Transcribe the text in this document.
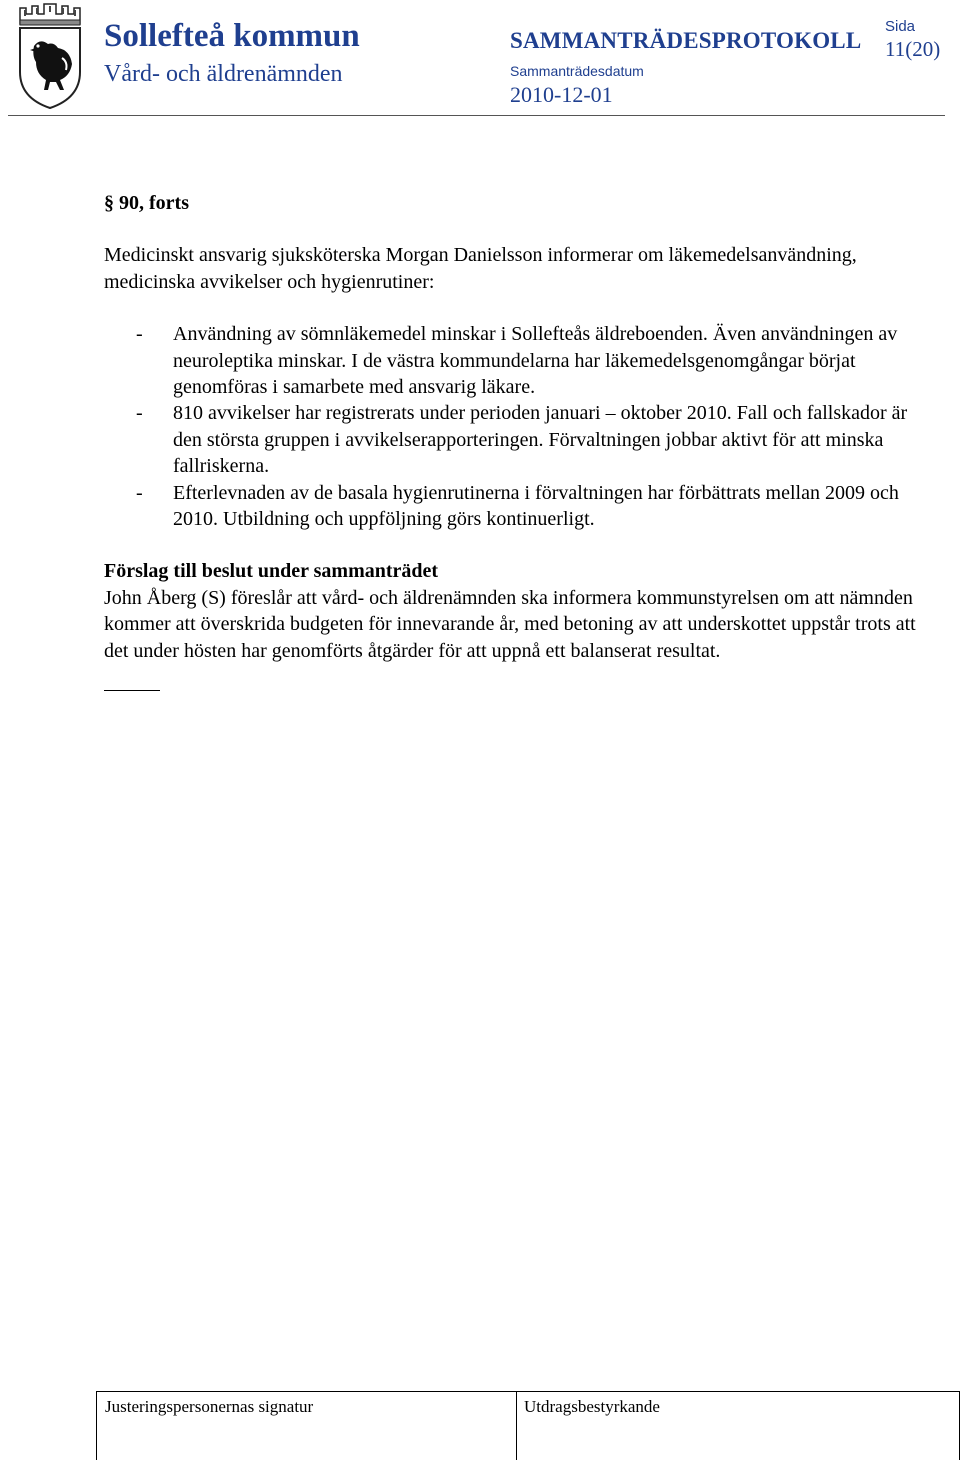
Sollefteå kommun
Vård- och äldrenämnden
SAMMANTRÄDESPROTOKOLL
Sammanträdesdatum
2010-12-01
Sida
11(20)

§ 90, forts

Medicinskt ansvarig sjuksköterska Morgan Danielsson informerar om läkemedelsanvändning, medicinska avvikelser och hygienrutiner:

- Användning av sömnläkemedel minskar i Sollefteås äldreboenden. Även användningen av neuroleptika minskar. I de västra kommundelarna har läkemedelsgenomgångar börjat genomföras i samarbete med ansvarig läkare.
- 810 avvikelser har registrerats under perioden januari – oktober 2010. Fall och fallskador är den största gruppen i avvikelserapporteringen. Förvaltningen jobbar aktivt för att minska fallriskerna.
- Efterlevnaden av de basala hygienrutinerna i förvaltningen har förbättrats mellan 2009 och 2010. Utbildning och uppföljning görs kontinuerligt.

Förslag till beslut under sammanträdet

John Åberg (S) föreslår att vård- och äldrenämnden ska informera kommunstyrelsen om att nämnden kommer att överskrida budgeten för innevarande år, med betoning av att underskottet uppstår trots att det under hösten har genomförts åtgärder för att uppnå ett balanserat resultat.

Justeringspersonernas signatur	Utdragsbestyrkande
